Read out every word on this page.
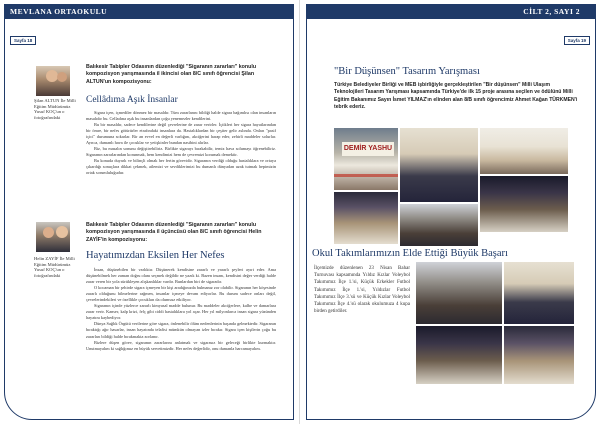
MEVLANA ORTAOKULU
Sayfa 18
Şilan ALTUN İle Milli Eğitim Müdürümüz Yusuf KOÇ'un o fotoğrafındaki
Balıkesir Tabipler Odasının düzenlediği "Sigaranın zararları" konulu kompozisyon yarışmasında il ikincisi olan 8/C sınıfı öğrencisi Şilan ALTUN'un kompozisyonu:
Cellâdıma Aşık İnsanlar

Sigara içen, içmediler dönmez bir masaldır. Tüm zararlarını bildiği halde sigara bağımlısı olan insanların masalıdır bu. Celladına aşık bu insanlardan çoğu yenemezler kendilerini.

Bu bir masaldır, sadece kendilerine değil çevrelerine de zarar verirler. İçtikleri her sigara hayatlarından bir ömre, bir nefes götürürler etrafındaki insanlara da. Hastalıklardan bir çeşiter gelir aslında. Onları "pasif içici" durumuna sokarlar. Bir an evvel en değerli varlığını, akciğerini harap eder, zehirli maddeler solurlar. Ayrıca, dumanlı hava ile çocuklar ve yetişkinler bundan nasibini alırlar.

Biz, bu masalın sonunu değiştirebiliriz. Birlikte sigarayı bırakabilir, temiz hava solumayı öğrenebiliriz. Sigaranın zararlarından korunmak, hem kendimizi hem de çevremizi korumak demektir.

Bu konuda duyarlı ve bilinçli olmak her fertin görevidir. Sigaranın verdiği olduğu hastalıklara ve ortaya çıkardığı sonuçlara dikkat çekmek, ailemizi ve sevdiklerimizi bu dumanlı dünyadan uzak tutmak hepimizin ortak sorumluluğudur.

Helin ZAYİF İle Milli Eğitim Müdürümüz Yusuf KOÇ'un o fotoğrafındaki
Balıkesir Tabipler Odasının düzenlediği "Sigaranın zararları" konulu kompozisyon yarışmasında il üçüncüsü olan 8/C sınıfı öğrencisi Helin ZAYİF'in kompozisyonu:
Hayatımızdan Eksilen Her Nefes

İnsan, düşünebilen bir varlıktır. Düşünerek kendisine zararlı ve yararlı şeyleri ayırt eder. Ama düşünebilmek her zaman doğru olanı seçmek değildir ne yazık ki. Bazen insanı, kendisini değer verdiği halde zarar veren bir yola sürükleyen alışkanlıklar vardır. Bunlardan biri de sigaradır.

O kocaman bir şehirde sigara içmeyen bir kişi aradığınızda bulmanız zor olabilir. Sigaranın her köşesinde zararlı olduğunu bilmelerine rağmen, insanlar içmeye devam ediyorlar. Bu durum sadece onları değil, çevrelerindekileri ve özellikle çocukları da olumsuz etkiliyor.

Sigaranın içinde yüzlerce zararlı kimyasal madde bulunur. Bu maddeler akciğerlere, kalbe ve damarlara zarar verir. Kanser, kalp krizi, felç gibi ciddi hastalıklara yol açar. Her yıl milyonlarca insan sigara yüzünden hayatını kaybediyor.

Dünya Sağlık Örgütü verilerine göre sigara, önlenebilir ölüm nedenlerinin başında gelmektedir. Sigaranın bıraktığı ağır hasarlar, insan hayatında telafisi mümkün olmayan izler bırakır. Sigara içen kişilerin çoğu bu zararları bildiği halde bırakmakta zorlanır.

Bizlere düşen görev, sigaranın zararlarını anlatmak ve sigarasız bir geleceği birlikte kurmaktır. Unutmayalım ki sağlığımız en büyük servetimizdir. Her nefes değerlidir, onu dumanla harcamayalım.

CİLT 2, SAYI 2
Sayfa 19
"Bir Düşünsen" Tasarım Yarışması
Türkiye Belediyeler Birliği ve MEB işbirliğiyle gerçekleştirilen "Bir düşünsen" Milli Ulaşım Teknolojileri Tasarım Yarışması kapsamında Türkiye'de ilk 15 proje arasına seçilen ve ödülünü Milli Eğitim Bakanımız Sayın İsmet YILMAZ'ın elinden alan 8/B sınıfı öğrencimiz Ahmet Kağan TÜRKMEN'i tebrik ederiz.
DEMİR YASHU
Okul Takımlarımızın Elde Ettiği Büyük Başarı
İlçemizde düzenlenen 23 Nisan Bahar Turnuvası kapsamında Yıldız Kızlar Voleybol Takımımız İlçe 1.'si, Küçük Erkekler Futbol Takımımız İlçe 1.'si, Yıldızlar Futbol Takımımız İlçe 3.'sü ve Küçük Kızlar Voleybol Takımımız İlçe 4.'sü olarak okulumuza 4 kupa birden getirdiler.
